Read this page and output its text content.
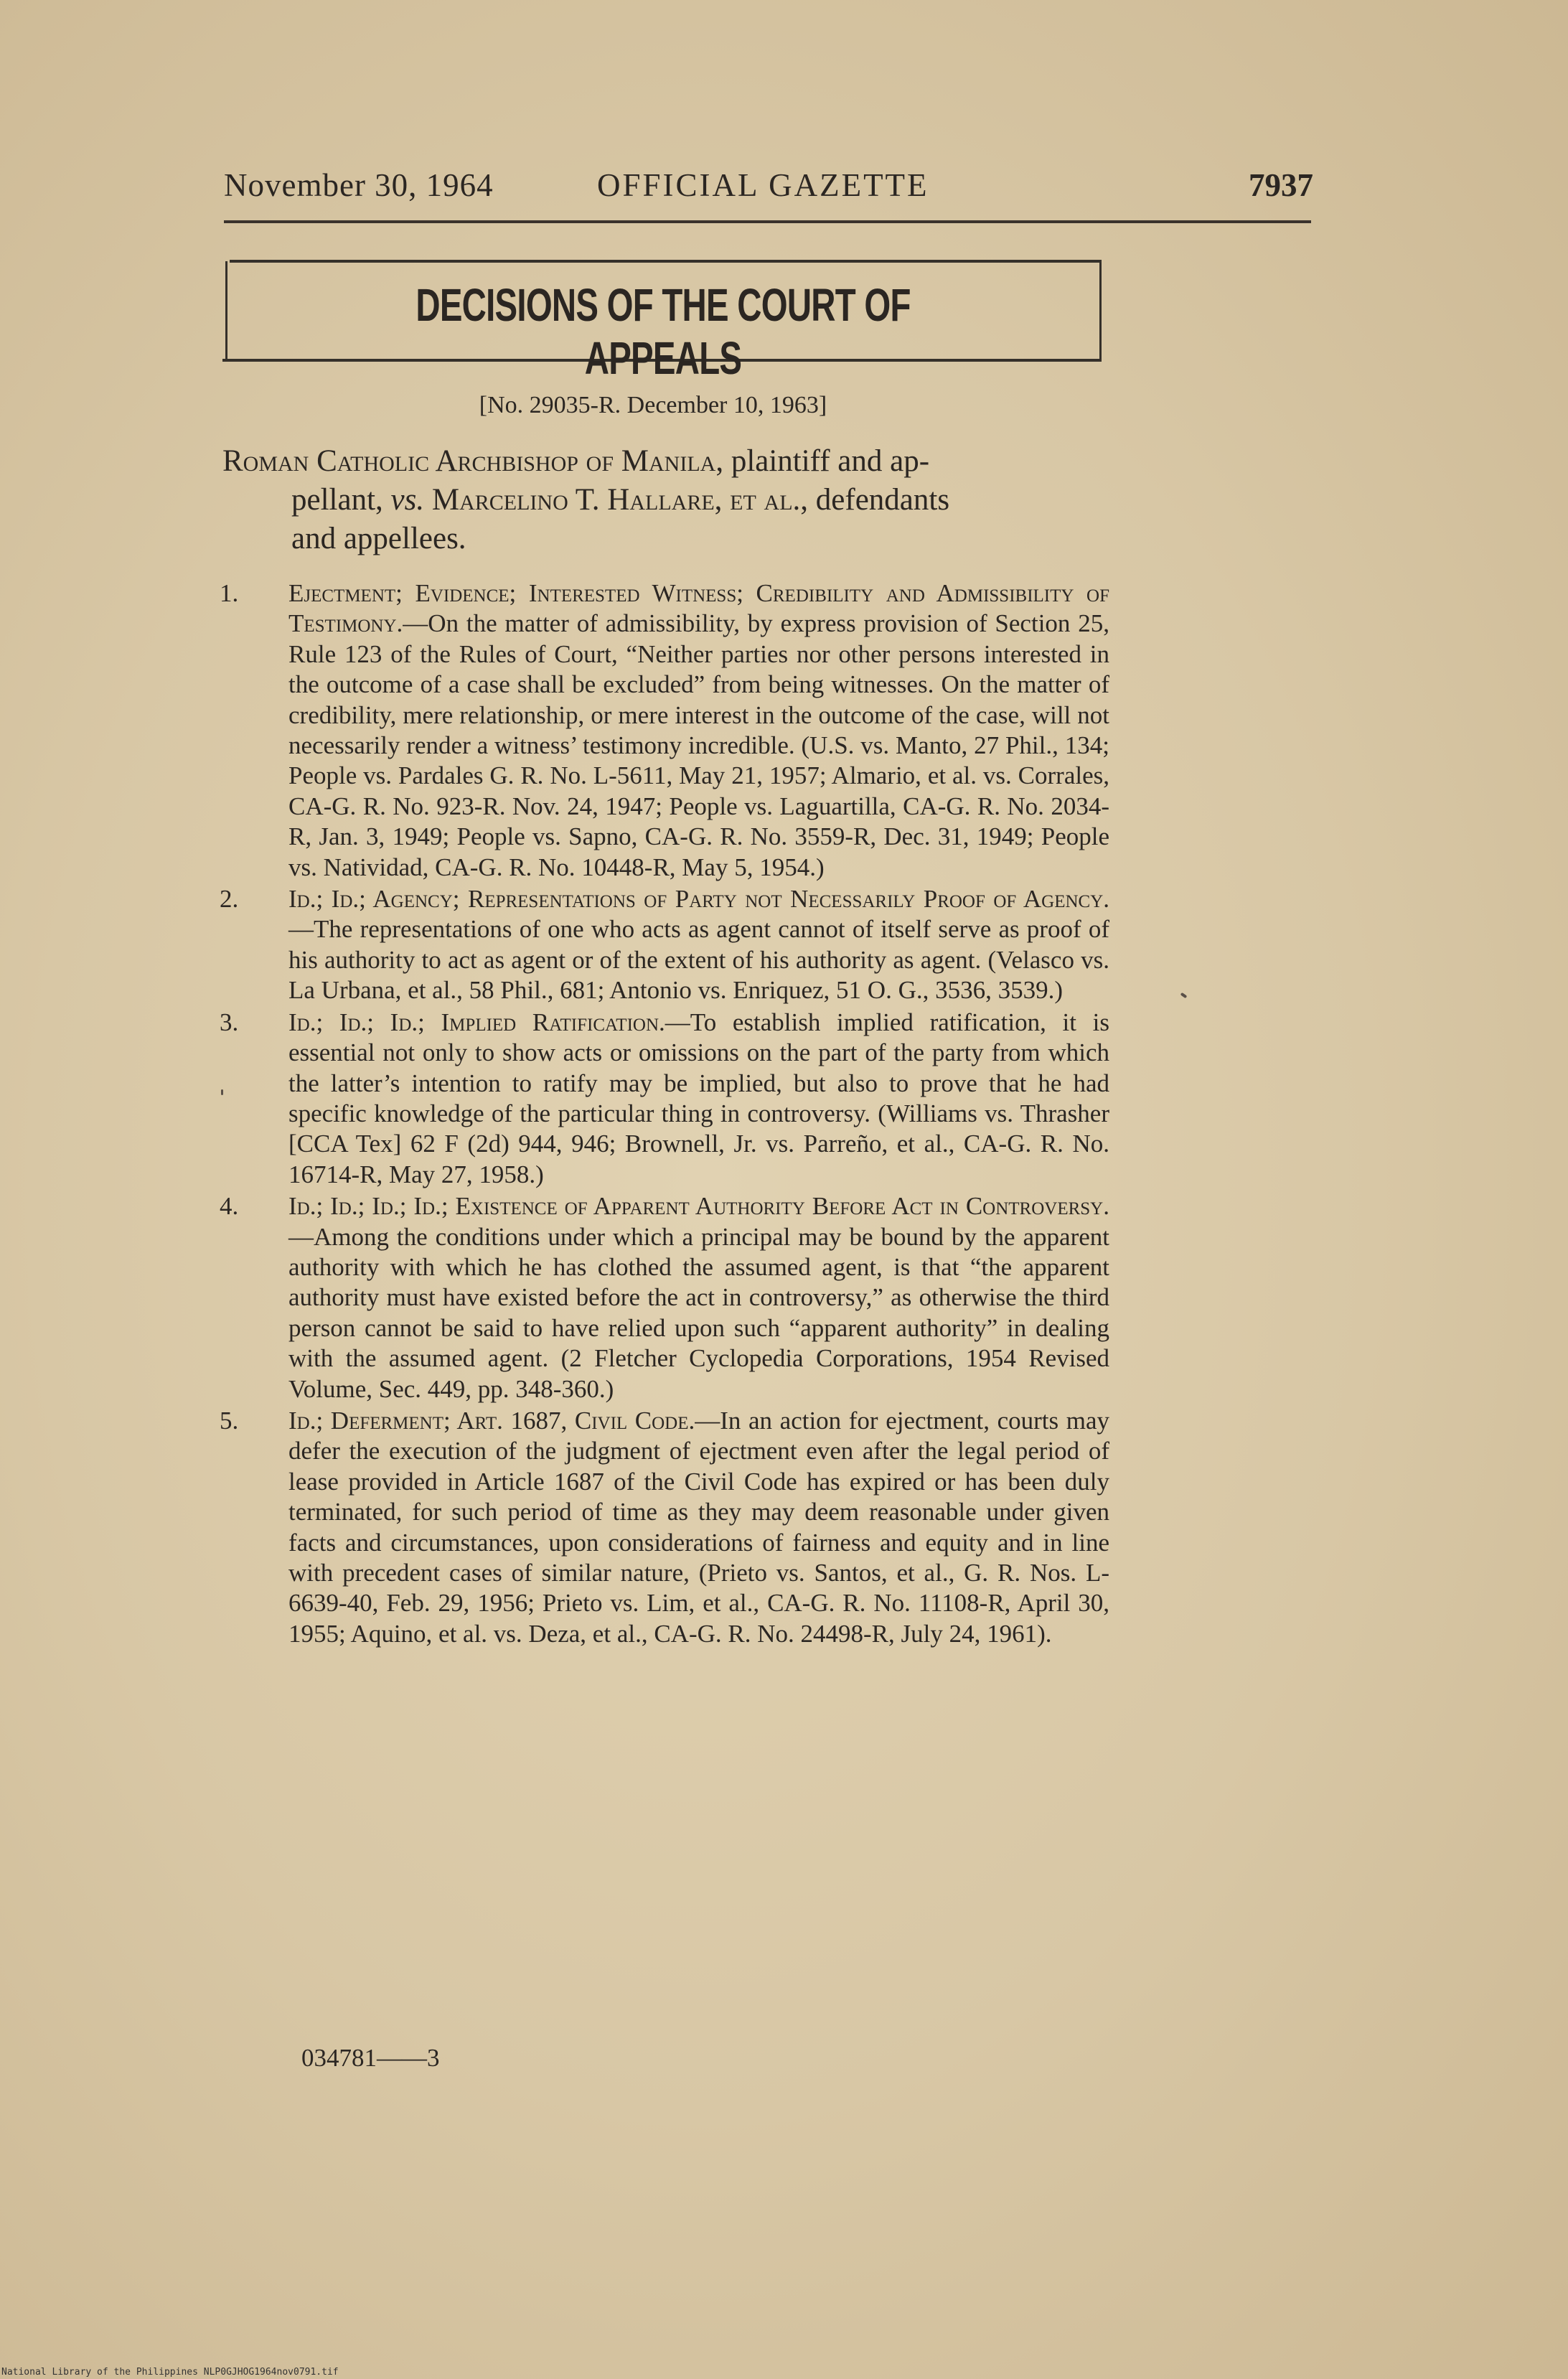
November 30, 1964	OFFICIAL GAZETTE	7937
DECISIONS OF THE COURT OF APPEALS
[No. 29035-R. December 10, 1963]
Roman Catholic Archbishop of Manila, plaintiff and ap-
pellant, vs. Marcelino T. Hallare, et al., defendants
and appellees.
1. Ejectment; Evidence; Interested Witness; Credibility and Admissibility of Testimony.—On the matter of admissibility, by express provision of Section 25, Rule 123 of the Rules of Court, “Neither parties nor other persons interested in the outcome of a case shall be excluded” from being witnesses. On the matter of credibility, mere relationship, or mere interest in the outcome of the case, will not necessarily render a witness’ testimony incredible. (U.S. vs. Manto, 27 Phil., 134; People vs. Pardales G. R. No. L-5611, May 21, 1957; Almario, et al. vs. Corrales, CA-G. R. No. 923-R. Nov. 24, 1947; People vs. Laguartilla, CA-G. R. No. 2034-R, Jan. 3, 1949; People vs. Sapno, CA-G. R. No. 3559-R, Dec. 31, 1949; People vs. Natividad, CA-G. R. No. 10448-R, May 5, 1954.)
2. Id.; Id.; Agency; Representations of Party not Necessarily Proof of Agency.—The representations of one who acts as agent cannot of itself serve as proof of his authority to act as agent or of the extent of his authority as agent. (Velasco vs. La Urbana, et al., 58 Phil., 681; Antonio vs. Enriquez, 51 O. G., 3536, 3539.)
3. Id.; Id.; Id.; Implied Ratification.—To establish implied ratification, it is essential not only to show acts or omissions on the part of the party from which the latter’s intention to ratify may be implied, but also to prove that he had specific knowledge of the particular thing in controversy. (Williams vs. Thrasher [CCA Tex] 62 F (2d) 944, 946; Brownell, Jr. vs. Parreño, et al., CA-G. R. No. 16714-R, May 27, 1958.)
4. Id.; Id.; Id.; Id.; Existence of Apparent Authority Before Act in Controversy.—Among the conditions under which a principal may be bound by the apparent authority with which he has clothed the assumed agent, is that “the apparent authority must have existed before the act in controversy,” as otherwise the third person cannot be said to have relied upon such “apparent authority” in dealing with the assumed agent. (2 Fletcher Cyclopedia Corporations, 1954 Revised Volume, Sec. 449, pp. 348-360.)
5. Id.; Deferment; Art. 1687, Civil Code.—In an action for ejectment, courts may defer the execution of the judgment of ejectment even after the legal period of lease provided in Article 1687 of the Civil Code has expired or has been duly terminated, for such period of time as they may deem reasonable under given facts and circumstances, upon considerations of fairness and equity and in line with precedent cases of similar nature, (Prieto vs. Santos, et al., G. R. Nos. L-6639-40, Feb. 29, 1956; Prieto vs. Lim, et al., CA-G. R. No. 11108-R, April 30, 1955; Aquino, et al. vs. Deza, et al., CA-G. R. No. 24498-R, July 24, 1961).
034781——3
National Library of the Philippines NLP0GJHOG1964nov0791.tif
